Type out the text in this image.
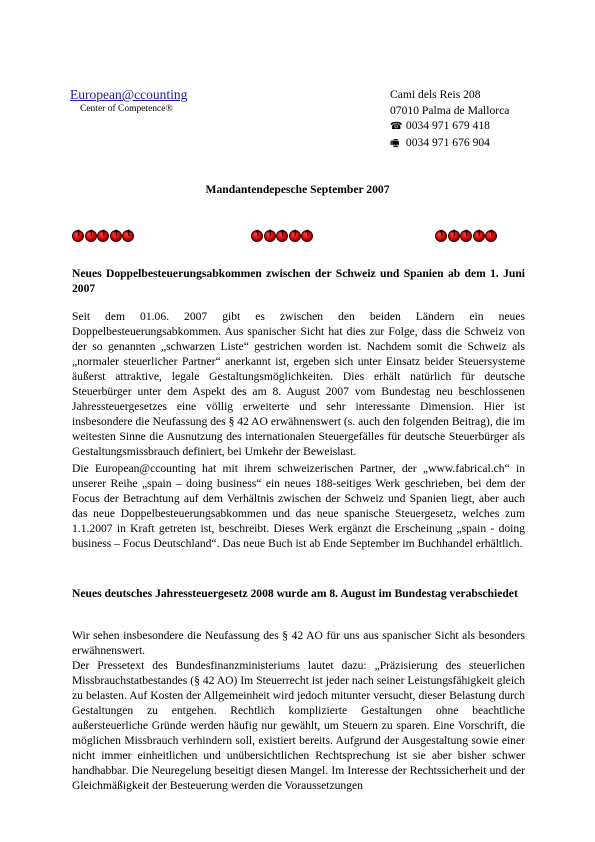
European@ccounting
Center of Competence®
Cami dels Reis 208
07010 Palma de Mallorca
☎ 0034 971 679 418
🖷 0034 971 676 904
Mandantendepesche September 2007
✝
✝
✝
✝
✝
✝
✝
✝
✝
✝
✝
✝
✝
✝
✝
Neues Doppelbesteuerungsabkommen zwischen der Schweiz und Spanien ab dem 1. Juni 2007

Seit dem 01.06. 2007 gibt es zwischen den beiden Ländern ein neues Doppelbesteuerungsabkommen. Aus spanischer Sicht hat dies zur Folge, dass die Schweiz von der so genannten „schwarzen Liste“ gestrichen worden ist. Nachdem somit die Schweiz als „normaler steuerlicher Partner“ anerkannt ist, ergeben sich unter Einsatz beider Steuersysteme äußerst attraktive, legale Gestaltungsmöglichkeiten. Dies erhält natürlich für deutsche Steuerbürger unter dem Aspekt des am 8. August 2007 vom Bundestag neu beschlossenen Jahressteuergesetzes eine völlig erweiterte und sehr interessante Dimension. Hier ist insbesondere die Neufassung des § 42 AO erwähnenswert (s. auch den folgenden Beitrag), die im weitesten Sinne die Ausnutzung des internationalen Steuergefälles für deutsche Steuerbürger als Gestaltungsmissbrauch definiert, bei Umkehr der Beweislast.

Die European@ccounting hat mit ihrem schweizerischen Partner, der „www.fabrical.ch“ in unserer Reihe „spain – doing business“ ein neues 188-seitiges Werk geschrieben, bei dem der Focus der Betrachtung auf dem Verhältnis zwischen der Schweiz und Spanien liegt, aber auch das neue Doppelbesteuerungsabkommen und das neue spanische Steuergesetz, welches zum 1.1.2007 in Kraft getreten ist, beschreibt. Dieses Werk ergänzt die Erscheinung „spain - doing business – Focus Deutschland“. Das neue Buch ist ab Ende September im Buchhandel erhältlich.

Neues deutsches Jahressteuergesetz 2008 wurde am 8. August im Bundestag verabschiedet

Wir sehen insbesondere die Neufassung des § 42 AO für uns aus spanischer Sicht als besonders erwähnenswert.

Der Pressetext des Bundesfinanzministeriums lautet dazu: „Präzisierung des steuerlichen Missbrauchstatbestandes (§ 42 AO) Im Steuerrecht ist jeder nach seiner Leistungsfähigkeit gleich zu belasten. Auf Kosten der Allgemeinheit wird jedoch mitunter versucht, dieser Belastung durch Gestaltungen zu entgehen. Rechtlich komplizierte Gestaltungen ohne beachtliche außersteuerliche Gründe werden häufig nur gewählt, um Steuern zu sparen. Eine Vorschrift, die möglichen Missbrauch verhindern soll, existiert bereits. Aufgrund der Ausgestaltung sowie einer nicht immer einheitlichen und unübersichtlichen Rechtsprechung ist sie aber bisher schwer handhabbar. Die Neuregelung beseitigt diesen Mangel. Im Interesse der Rechtssicherheit und der Gleichmäßigkeit der Besteuerung werden die Voraussetzungen
